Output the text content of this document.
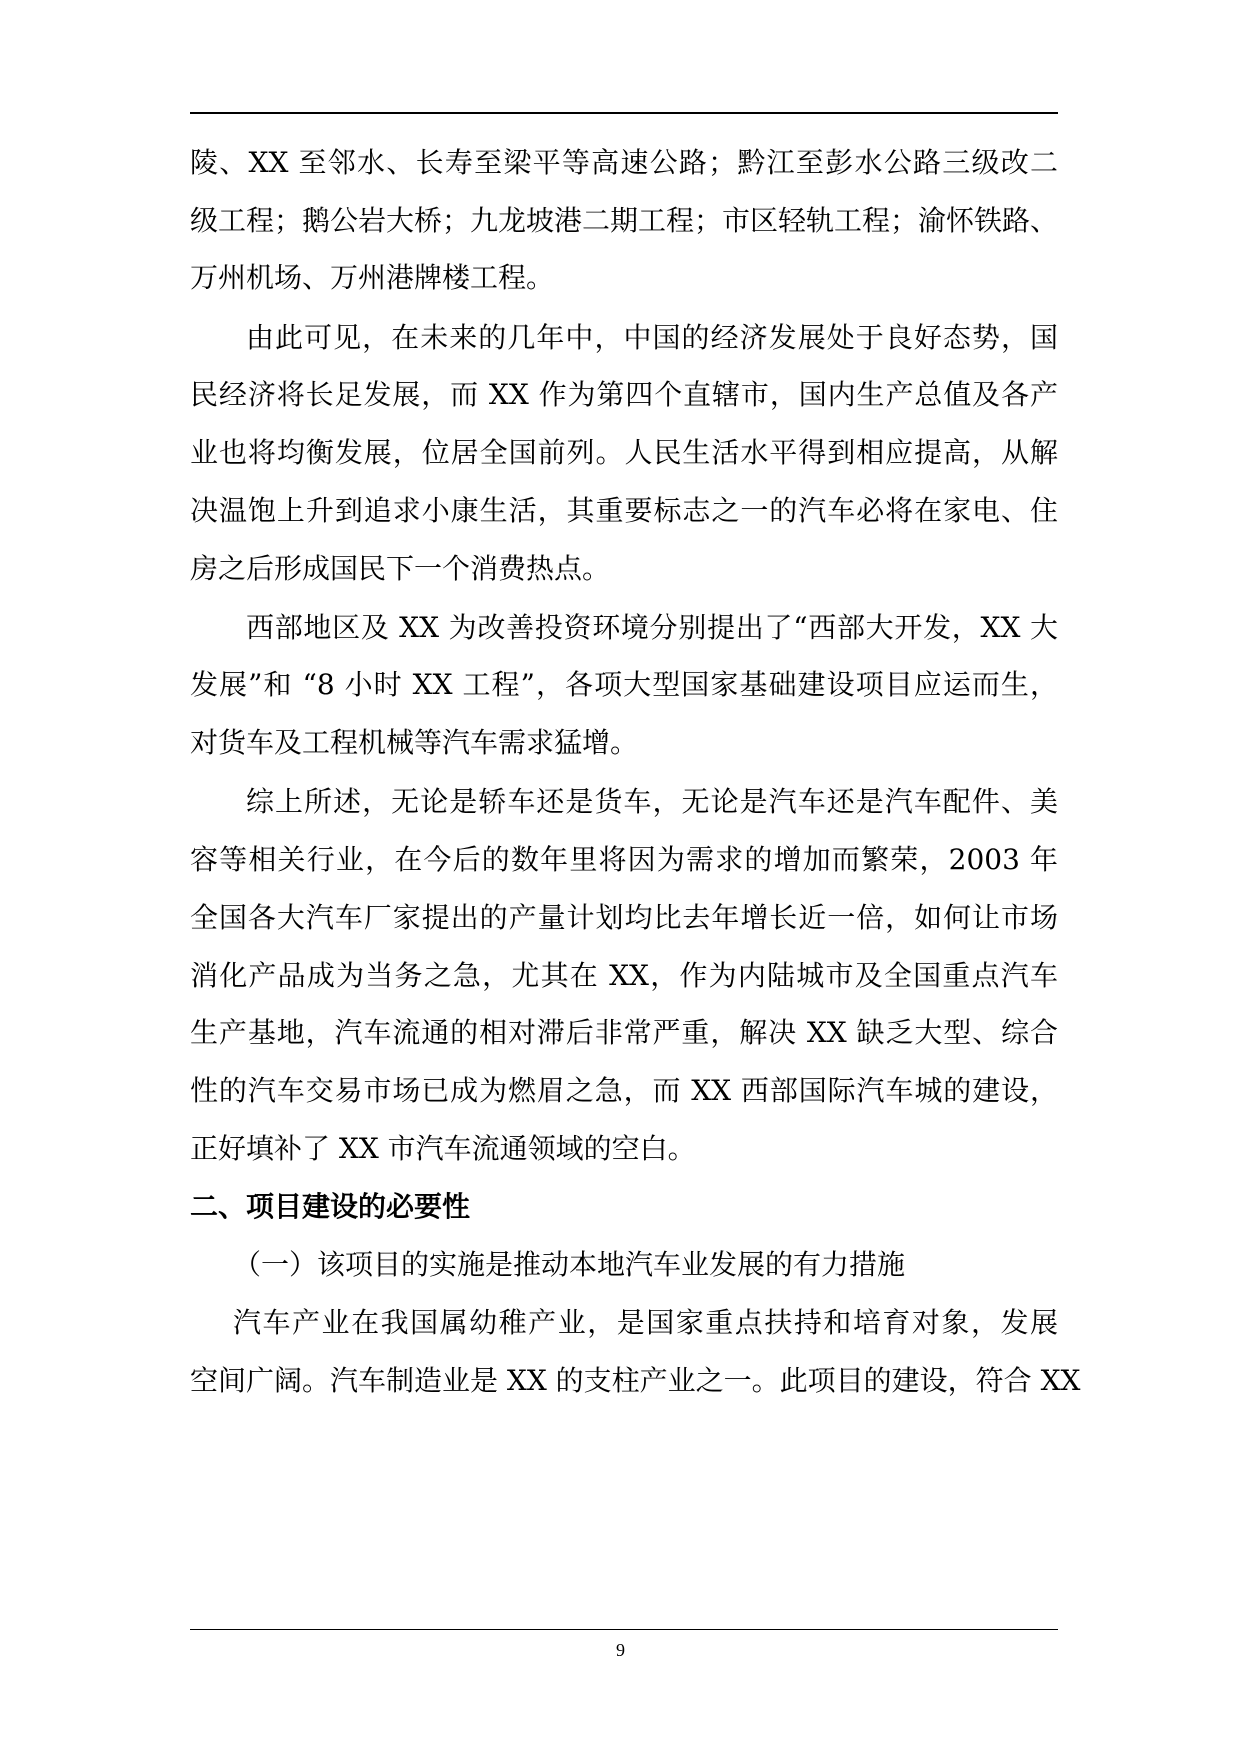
陵、XX 至邻水、长寿至梁平等高速公路；黔江至彭水公路三级改二
级工程；鹅公岩大桥；九龙坡港二期工程；市区轻轨工程；渝怀铁路、
万州机场、万州港牌楼工程。
由此可见，在未来的几年中，中国的经济发展处于良好态势，国
民经济将长足发展，而 XX 作为第四个直辖市，国内生产总值及各产
业也将均衡发展，位居全国前列。人民生活水平得到相应提高，从解
决温饱上升到追求小康生活，其重要标志之一的汽车必将在家电、住
房之后形成国民下一个消费热点。
西部地区及 XX 为改善投资环境分别提出了“西部大开发，XX 大
发展”和 “8 小时 XX 工程”，各项大型国家基础建设项目应运而生，
对货车及工程机械等汽车需求猛增。
综上所述，无论是轿车还是货车，无论是汽车还是汽车配件、美
容等相关行业，在今后的数年里将因为需求的增加而繁荣，2003 年
全国各大汽车厂家提出的产量计划均比去年增长近一倍，如何让市场
消化产品成为当务之急，尤其在 XX，作为内陆城市及全国重点汽车
生产基地，汽车流通的相对滞后非常严重，解决 XX 缺乏大型、综合
性的汽车交易市场已成为燃眉之急，而 XX 西部国际汽车城的建设，
正好填补了 XX 市汽车流通领域的空白。
二、项目建设的必要性
（一）该项目的实施是推动本地汽车业发展的有力措施
汽车产业在我国属幼稚产业，是国家重点扶持和培育对象，发展
空间广阔。汽车制造业是 XX 的支柱产业之一。此项目的建设，符合 XX
9
